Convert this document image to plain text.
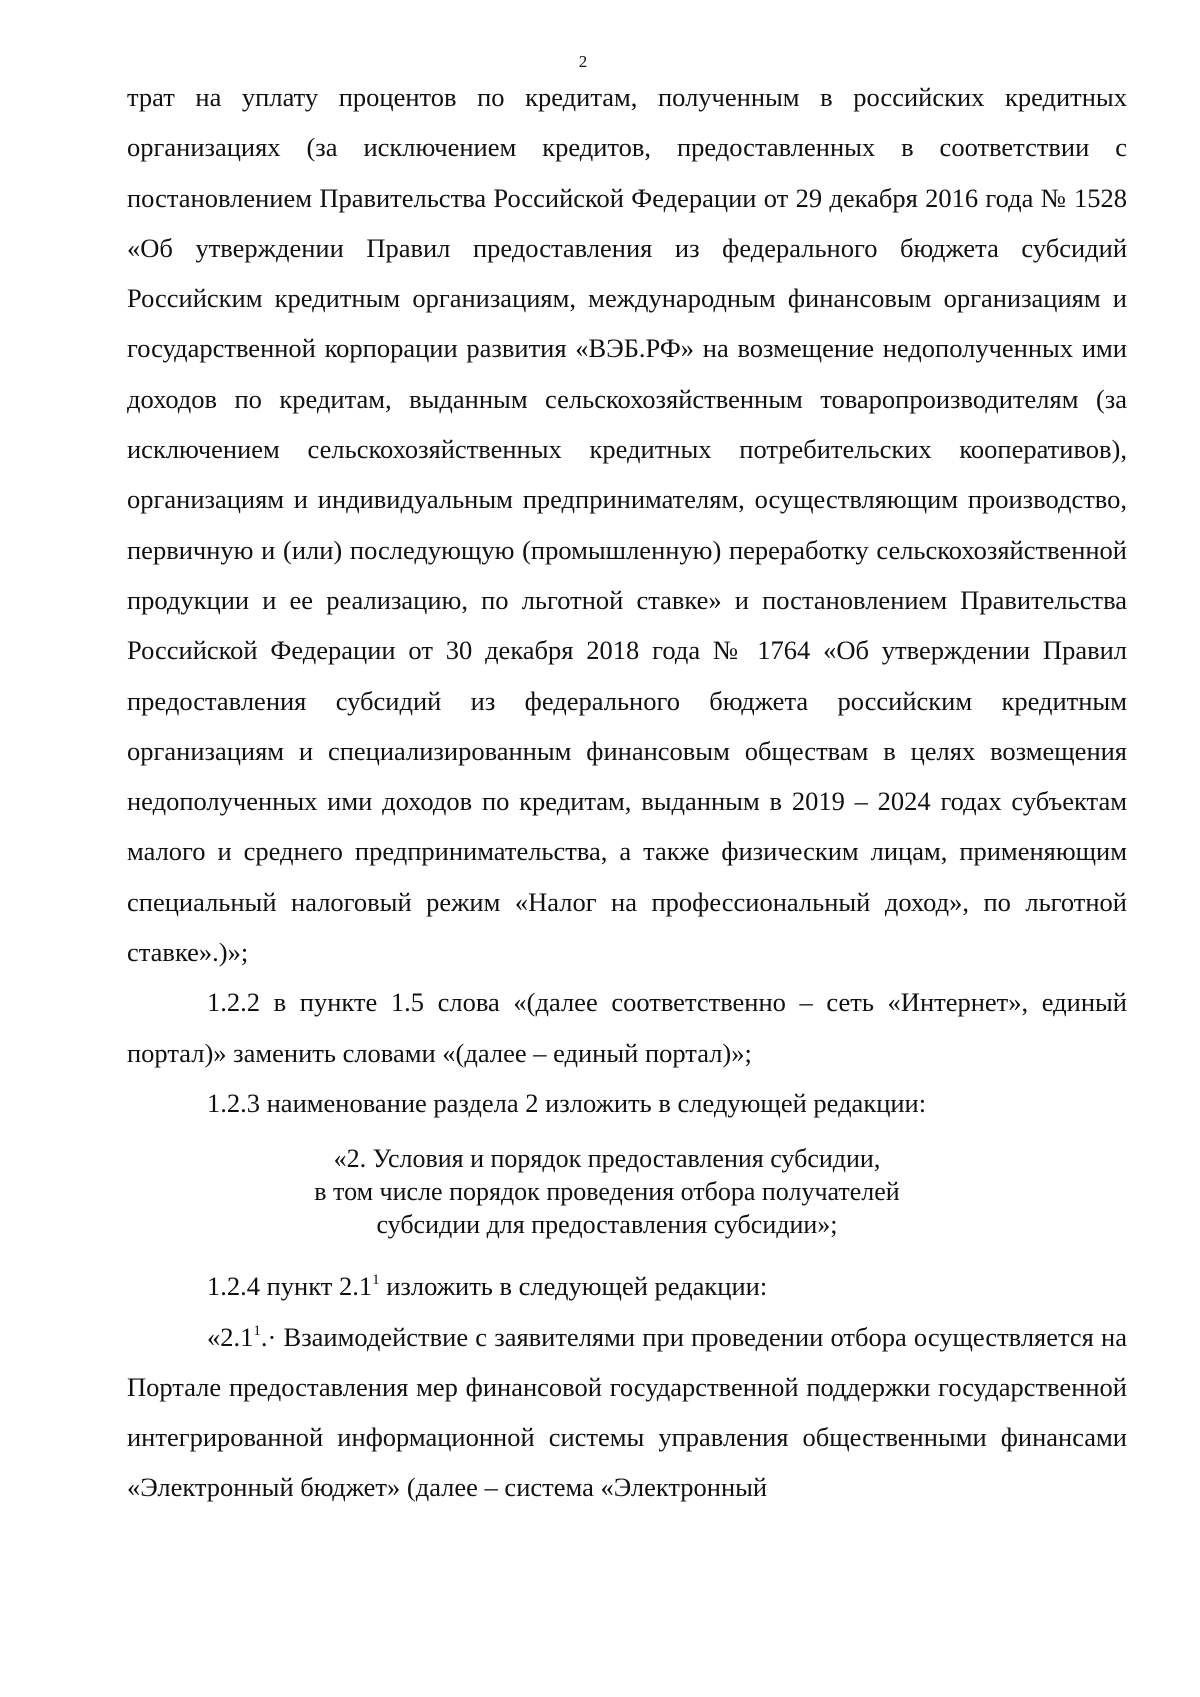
2

трат на уплату процентов по кредитам, полученным в российских кредитных организациях (за исключением кредитов, предоставленных в соответствии с постановлением Правительства Российской Федерации от 29 декабря 2016 года № 1528 «Об утверждении Правил предоставления из федерального бюджета субсидий Российским кредитным организациям, международным финансовым организациям и государственной корпорации развития «ВЭБ.РФ» на возмещение недополученных ими доходов по кредитам, выданным сельскохозяйственным товаропроизводителям (за исключением сельскохозяйственных кредитных потребительских кооперативов), организациям и индивидуальным предпринимателям, осуществляющим производство, первичную и (или) последующую (промышленную) переработку сельскохозяйственной продукции и ее реализацию, по льготной ставке» и постановлением Правительства Российской Федерации от 30 декабря 2018 года № 1764 «Об утверждении Правил предоставления субсидий из федерального бюджета российским кредитным организациям и специализированным финансовым обществам в целях возмещения недополученных ими доходов по кредитам, выданным в 2019 – 2024 годах субъектам малого и среднего предпринимательства, а также физическим лицам, применяющим специальный налоговый режим «Налог на профессиональный доход», по льготной ставке».)»;

1.2.2 в пункте 1.5 слова «(далее соответственно – сеть «Интернет», единый портал)» заменить словами «(далее – единый портал)»;

1.2.3 наименование раздела 2 изложить в следующей редакции:

«2. Условия и порядок предоставления субсидии,
в том числе порядок проведения отбора получателей
субсидии для предоставления субсидии»;

1.2.4 пункт $2.1^1$ изложить в следующей редакции:

«$2.1^1.\cdot$ Взаимодействие с заявителями при проведении отбора осуществляется на Портале предоставления мер финансовой государственной поддержки государственной интегрированной информационной системы управления общественными финансами «Электронный бюджет» (далее – система «Электронный
